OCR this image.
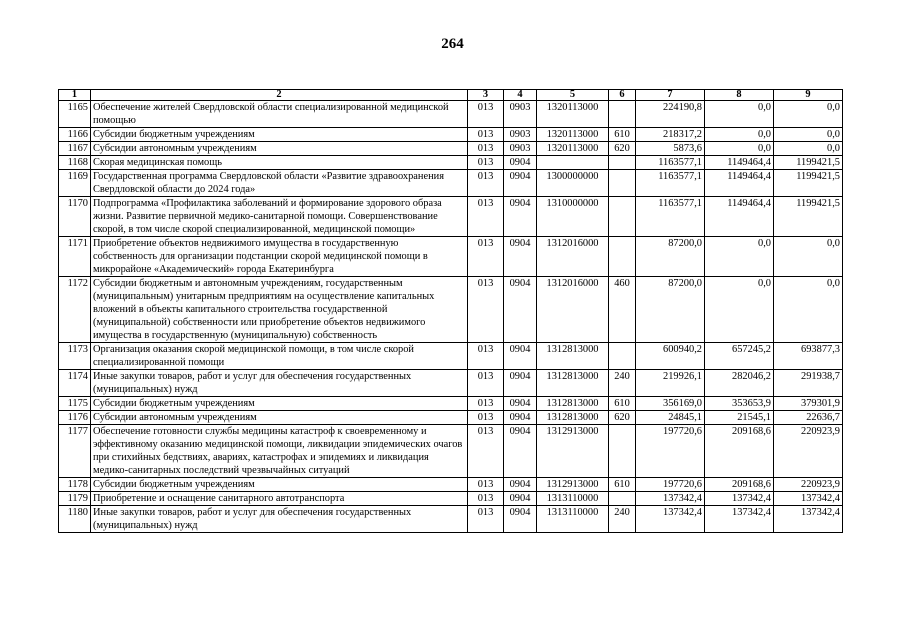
264
1	2	3	4	5	6	7	8	9
1165	Обеспечение жителей Свердловской области специализированной медицинской помощью	013	0903	1320113000		224190,8	0,0	0,0
1166	Субсидии бюджетным учреждениям	013	0903	1320113000	610	218317,2	0,0	0,0
1167	Субсидии автономным учреждениям	013	0903	1320113000	620	5873,6	0,0	0,0
1168	Скорая медицинская помощь	013	0904			1163577,1	1149464,4	1199421,5
1169	Государственная программа Свердловской области «Развитие здравоохранения Свердловской области до 2024 года»	013	0904	1300000000		1163577,1	1149464,4	1199421,5
1170	Подпрограмма «Профилактика заболеваний и формирование здорового образа жизни. Развитие первичной медико-санитарной помощи. Совершенствование скорой, в том числе скорой специализированной, медицинской помощи»	013	0904	1310000000		1163577,1	1149464,4	1199421,5
1171	Приобретение объектов недвижимого имущества в государственную собственность для организации подстанции скорой медицинской помощи в микрорайоне «Академический» города Екатеринбурга	013	0904	1312016000		87200,0	0,0	0,0
1172	Субсидии бюджетным и автономным учреждениям, государственным (муниципальным) унитарным предприятиям на осуществление капитальных вложений в объекты капитального строительства государственной (муниципальной) собственности или приобретение объектов недвижимого имущества в государственную (муниципальную) собственность	013	0904	1312016000	460	87200,0	0,0	0,0
1173	Организация оказания скорой медицинской помощи, в том числе скорой специализированной помощи	013	0904	1312813000		600940,2	657245,2	693877,3
1174	Иные закупки товаров, работ и услуг для обеспечения государственных (муниципальных) нужд	013	0904	1312813000	240	219926,1	282046,2	291938,7
1175	Субсидии бюджетным учреждениям	013	0904	1312813000	610	356169,0	353653,9	379301,9
1176	Субсидии автономным учреждениям	013	0904	1312813000	620	24845,1	21545,1	22636,7
1177	Обеспечение готовности службы медицины катастроф к своевременному и эффективному оказанию медицинской помощи, ликвидации эпидемических очагов при стихийных бедствиях, авариях, катастрофах и эпидемиях и ликвидация медико-санитарных последствий чрезвычайных ситуаций	013	0904	1312913000		197720,6	209168,6	220923,9
1178	Субсидии бюджетным учреждениям	013	0904	1312913000	610	197720,6	209168,6	220923,9
1179	Приобретение и оснащение санитарного автотранспорта	013	0904	1313110000		137342,4	137342,4	137342,4
1180	Иные закупки товаров, работ и услуг для обеспечения государственных (муниципальных) нужд	013	0904	1313110000	240	137342,4	137342,4	137342,4
